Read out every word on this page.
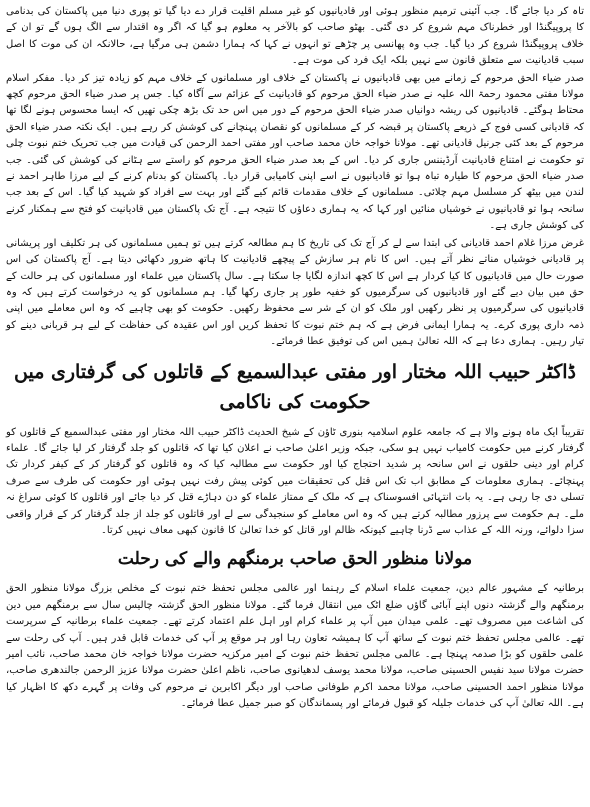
تاہ کر دیا جائے گا۔ جب آئینی ترمیم منظور ہوئی اور قادیانیوں کو غیر مسلم اقلیت قرار دے دیا گیا تو پوری دنیا میں پاکستان کی بدنامی کا پروپیگنڈا اور خطرناک مہم شروع کر دی گئی۔ بھٹو صاحب کو بالآخر یہ معلوم ہو گیا کہ اگر وہ اقتدار سے الگ ہوں گے تو ان کے خلاف پروپیگنڈا شروع کر دیا گیا۔ جب وہ پھانسی پر چڑھے تو انہوں نے کہا کہ ہمارا دشمن ہی مرگیا ہے، حالانکہ ان کی موت کا اصل سبب قادیانیت سے متعلق قانون سے نہیں بلکہ ایک فرد کی موت ہے۔

صدر ضیاء الحق مرحوم کے زمانے میں بھی قادیانیوں نے پاکستان کے خلاف اور مسلمانوں کے خلاف مہم کو زیادہ تیز کر دیا۔ مفکر اسلام مولانا مفتی محمود رحمۃ اللہ علیہ نے صدر ضیاء الحق مرحوم کو قادیانیت کے عزائم سے آگاہ کیا۔ جس پر صدر ضیاء الحق مرحوم کچھ محتاط ہوگئے۔ قادیانیوں کی ریشہ دوانیاں صدر ضیاء الحق مرحوم کے دور میں اس حد تک بڑھ چکی تھیں کہ ایسا محسوس ہونے لگا تھا کہ قادیانی کسی فوج کے ذریعے پاکستان پر قبضہ کر کے مسلمانوں کو نقصان پہنچانے کی کوشش کر رہے ہیں۔ ایک نکتہ صدر ضیاء الحق مرحوم کے بعد کئی جرنیل قادیانی تھے۔ مولانا خواجہ خان محمد صاحب اور مفتی احمد الرحمن کی قیادت میں جب تحریک ختم نبوت چلی تو حکومت نے امتناع قادیانیت آرڈیننس جاری کر دیا۔ اس کے بعد صدر ضیاء الحق مرحوم کو راستے سے ہٹانے کی کوشش کی گئی۔ جب صدر ضیاء الحق مرحوم کا طیارہ تباہ ہوا تو قادیانیوں نے اسے اپنی کامیابی قرار دیا۔ پاکستان کو بدنام کرنے کے لیے مرزا طاہر احمد نے لندن میں بیٹھ کر مسلسل مہم چلائی۔ مسلمانوں کے خلاف مقدمات قائم کیے گئے اور بہت سے افراد کو شہید کیا گیا۔ اس کے بعد جب سانحہ ہوا تو قادیانیوں نے خوشیاں منائیں اور کہا کہ یہ ہماری دعاؤں کا نتیجہ ہے۔ آج تک پاکستان میں قادیانیت کو فتح سے ہمکنار کرنے کی کوشش جاری ہے۔

غرض مرزا غلام احمد قادیانی کی ابتدا سے لے کر آج تک کی تاریخ کا ہم مطالعہ کرتے ہیں تو ہمیں مسلمانوں کی ہر تکلیف اور پریشانی پر قادیانی خوشیاں مناتے نظر آتے ہیں۔ اس کا نام ہر سازش کے پیچھے قادیانیت کا ہاتھ ضرور دکھائی دیتا ہے۔ آج پاکستان کی اس صورت حال میں قادیانیوں کا کیا کردار ہے اس کا کچھ اندازہ لگایا جا سکتا ہے۔ سال پاکستان میں علماء اور مسلمانوں کی ہر حالت کے حق میں بیان دیے گئے اور قادیانیوں کی سرگرمیوں کو خفیہ طور پر جاری رکھا گیا۔ ہم مسلمانوں کو یہ درخواست کرتے ہیں کہ وہ قادیانیوں کی سرگرمیوں پر نظر رکھیں اور ملک کو ان کے شر سے محفوظ رکھیں۔ حکومت کو بھی چاہیے کہ وہ اس معاملے میں اپنی ذمہ داری پوری کرے۔ یہ ہمارا ایمانی فرض ہے کہ ہم ختم نبوت کا تحفظ کریں اور اس عقیدہ کی حفاظت کے لیے ہر قربانی دینے کو تیار رہیں۔ ہماری دعا ہے کہ اللہ تعالیٰ ہمیں اس کی توفیق عطا فرمائے۔

ڈاکٹر حبیب اللہ مختار اور مفتی عبدالسمیع کے قاتلوں کی گرفتاری میں حکومت کی ناکامی

تقریباً ایک ماہ ہونے والا ہے کہ جامعہ علوم اسلامیہ بنوری ٹاؤن کے شیخ الحدیث ڈاکٹر حبیب اللہ مختار اور مفتی عبدالسمیع کے قاتلوں کو گرفتار کرنے میں حکومت کامیاب نہیں ہو سکی، جبکہ وزیر اعلیٰ صاحب نے اعلان کیا تھا کہ قاتلوں کو جلد گرفتار کر لیا جائے گا۔ علماء کرام اور دینی حلقوں نے اس سانحہ پر شدید احتجاج کیا اور حکومت سے مطالبہ کیا کہ وہ قاتلوں کو گرفتار کر کے کیفر کردار تک پہنچائے۔ ہماری معلومات کے مطابق اب تک اس قتل کی تحقیقات میں کوئی پیش رفت نہیں ہوئی اور حکومت کی طرف سے صرف تسلی دی جا رہی ہے۔ یہ بات انتہائی افسوسناک ہے کہ ملک کے ممتاز علماء کو دن دہاڑے قتل کر دیا جائے اور قاتلوں کا کوئی سراغ نہ ملے۔ ہم حکومت سے پرزور مطالبہ کرتے ہیں کہ وہ اس معاملے کو سنجیدگی سے لے اور قاتلوں کو جلد از جلد گرفتار کر کے قرار واقعی سزا دلوائے، ورنہ اللہ کے عذاب سے ڈرنا چاہیے کیونکہ ظالم اور قاتل کو خدا تعالیٰ کا قانون کبھی معاف نہیں کرتا۔

مولانا منظور الحق صاحب برمنگھم والے کی رحلت

برطانیہ کے مشہور عالم دین، جمعیت علماء اسلام کے رہنما اور عالمی مجلس تحفظ ختم نبوت کے مخلص بزرگ مولانا منظور الحق برمنگھم والے گزشتہ دنوں اپنے آبائی گاؤں ضلع اٹک میں انتقال فرما گئے۔ مولانا منظور الحق گزشتہ چالیس سال سے برمنگھم میں دین کی اشاعت میں مصروف تھے۔ علمی میدان میں آپ پر علماء کرام اور اہل علم اعتماد کرتے تھے۔ جمعیت علماء برطانیہ کے سرپرست تھے۔ عالمی مجلس تحفظ ختم نبوت کے ساتھ آپ کا ہمیشہ تعاون رہا اور ہر موقع پر آپ کی خدمات قابل قدر ہیں۔ آپ کی رحلت سے علمی حلقوں کو بڑا صدمہ پہنچا ہے۔ عالمی مجلس تحفظ ختم نبوت کے امیر مرکزیہ حضرت مولانا خواجہ خان محمد صاحب، نائب امیر حضرت مولانا سید نفیس الحسینی صاحب، مولانا محمد یوسف لدھیانوی صاحب، ناظم اعلیٰ حضرت مولانا عزیز الرحمن جالندھری صاحب، مولانا منظور احمد الحسینی صاحب، مولانا محمد اکرم طوفانی صاحب اور دیگر اکابرین نے مرحوم کی وفات پر گہرے دکھ کا اظہار کیا ہے۔ اللہ تعالیٰ آپ کی خدمات جلیلہ کو قبول فرمائے اور پسماندگان کو صبر جمیل عطا فرمائے۔
